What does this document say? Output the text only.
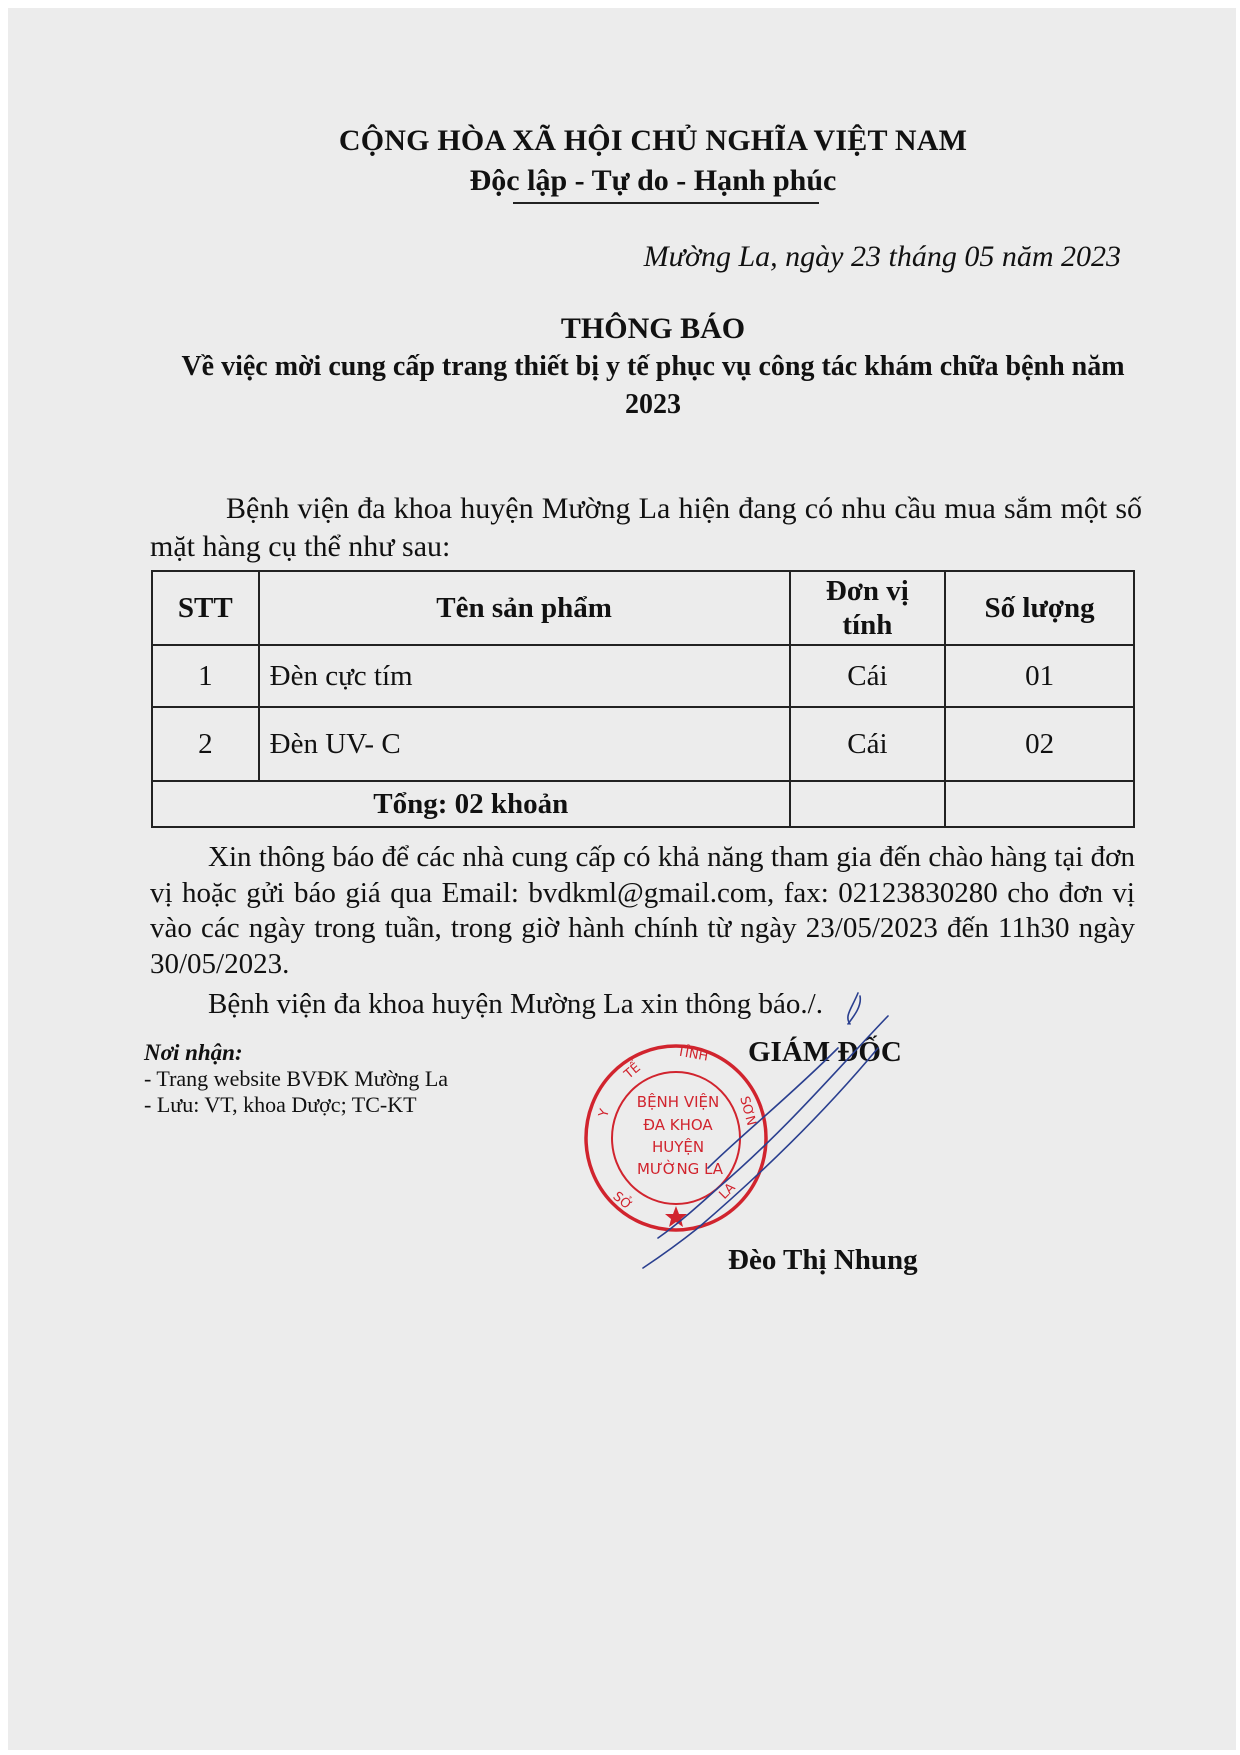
CỘNG HÒA XÃ HỘI CHỦ NGHĨA VIỆT NAM
Độc lập - Tự do - Hạnh phúc
Mường La, ngày 23 tháng 05 năm 2023
THÔNG BÁO
Về việc mời cung cấp trang thiết bị y tế phục vụ công tác khám chữa bệnh năm 2023
Bệnh viện đa khoa huyện Mường La hiện đang có nhu cầu mua sắm một số mặt hàng cụ thể như sau:
STT	Tên sản phẩm	Đơn vị tính	Số lượng
1	Đèn cực tím	Cái	01
2	Đèn UV- C	Cái	02
Tổng: 02 khoản			
Xin thông báo để các nhà cung cấp có khả năng tham gia đến chào hàng tại đơn vị hoặc gửi báo giá qua Email: bvdkml@gmail.com, fax: 02123830280 cho đơn vị vào các ngày trong tuần, trong giờ hành chính từ ngày 23/05/2023 đến 11h30 ngày 30/05/2023.
Bệnh viện đa khoa huyện Mường La xin thông báo./.
Nơi nhận:
- Trang website BVĐK Mường La
- Lưu: VT, khoa Dược; TC-KT	BỆNH VIỆN
ĐA KHOA
HUYỆN
MƯỜNG LA
TẾ
Y
TỈNH
SƠN
SỞ	LA
GIÁM ĐỐC
Đèo Thị Nhung
